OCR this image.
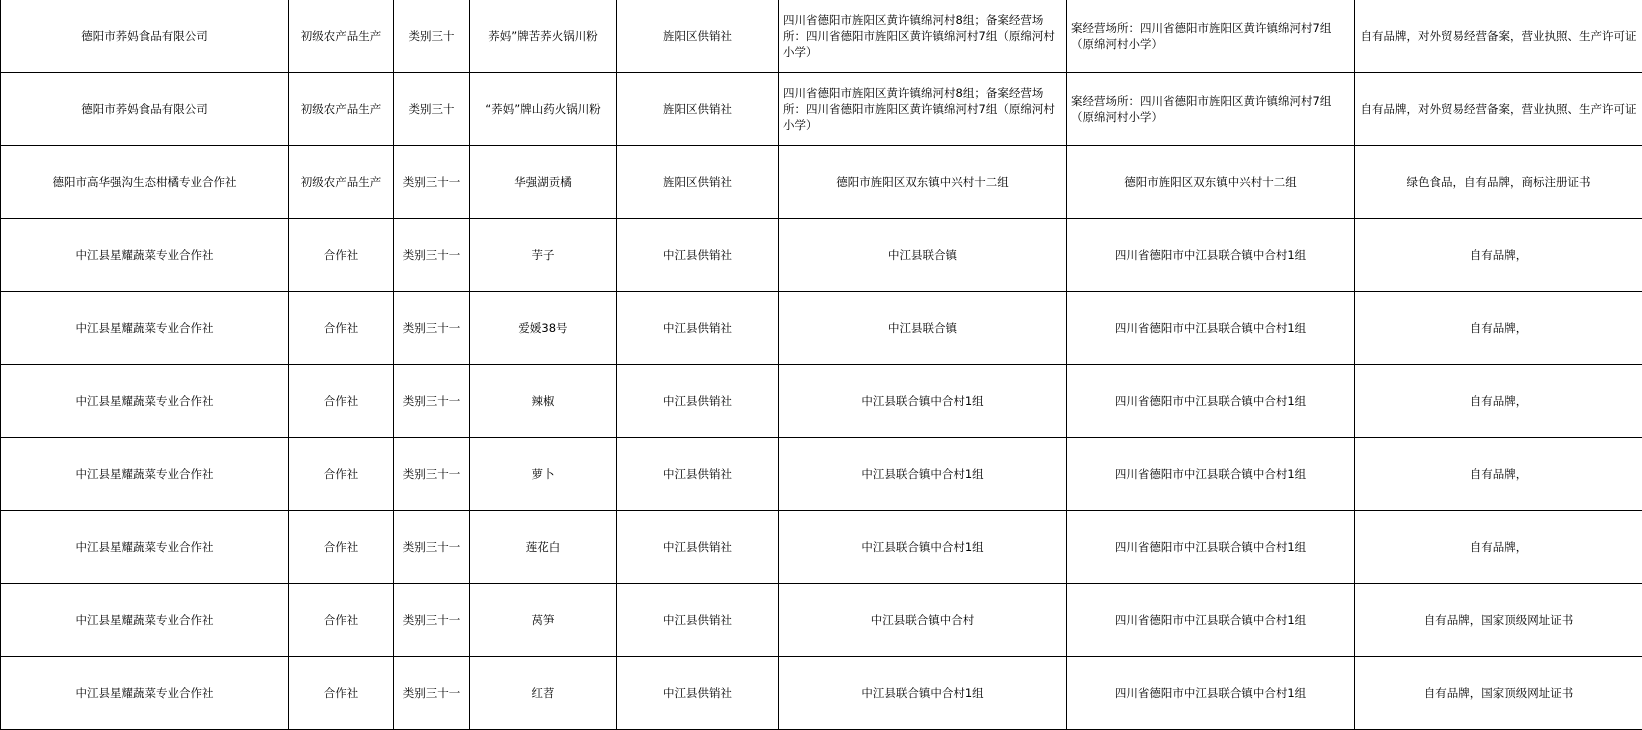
德阳市荞妈食品有限公司	初级农产品生产	类别三十	荞妈”牌苦荞火锅川粉	旌阳区供销社	四川省德阳市旌阳区黄许镇绵河村8组；备案经营场所：四川省德阳市旌阳区黄许镇绵河村7组（原绵河村小学）	案经营场所：四川省德阳市旌阳区黄许镇绵河村7组（原绵河村小学）	自有品牌，对外贸易经营备案，营业执照、生产许可证
德阳市荞妈食品有限公司	初级农产品生产	类别三十	“荞妈”牌山药火锅川粉	旌阳区供销社	四川省德阳市旌阳区黄许镇绵河村8组；备案经营场所：四川省德阳市旌阳区黄许镇绵河村7组（原绵河村小学）	案经营场所：四川省德阳市旌阳区黄许镇绵河村7组（原绵河村小学）	自有品牌，对外贸易经营备案，营业执照、生产许可证
德阳市高华强沟生态柑橘专业合作社	初级农产品生产	类别三十一	华强湖贡橘	旌阳区供销社	德阳市旌阳区双东镇中兴村十二组	德阳市旌阳区双东镇中兴村十二组	绿色食品，自有品牌，商标注册证书
中江县星耀蔬菜专业合作社	合作社	类别三十一	芋子	中江县供销社	中江县联合镇	四川省德阳市中江县联合镇中合村1组	自有品牌，
中江县星耀蔬菜专业合作社	合作社	类别三十一	爱媛38号	中江县供销社	中江县联合镇	四川省德阳市中江县联合镇中合村1组	自有品牌，
中江县星耀蔬菜专业合作社	合作社	类别三十一	辣椒	中江县供销社	中江县联合镇中合村1组	四川省德阳市中江县联合镇中合村1组	自有品牌，
中江县星耀蔬菜专业合作社	合作社	类别三十一	萝卜	中江县供销社	中江县联合镇中合村1组	四川省德阳市中江县联合镇中合村1组	自有品牌，
中江县星耀蔬菜专业合作社	合作社	类别三十一	莲花白	中江县供销社	中江县联合镇中合村1组	四川省德阳市中江县联合镇中合村1组	自有品牌，
中江县星耀蔬菜专业合作社	合作社	类别三十一	莴笋	中江县供销社	中江县联合镇中合村	四川省德阳市中江县联合镇中合村1组	自有品牌，国家顶级网址证书
中江县星耀蔬菜专业合作社	合作社	类别三十一	红苕	中江县供销社	中江县联合镇中合村1组	四川省德阳市中江县联合镇中合村1组	自有品牌，国家顶级网址证书
